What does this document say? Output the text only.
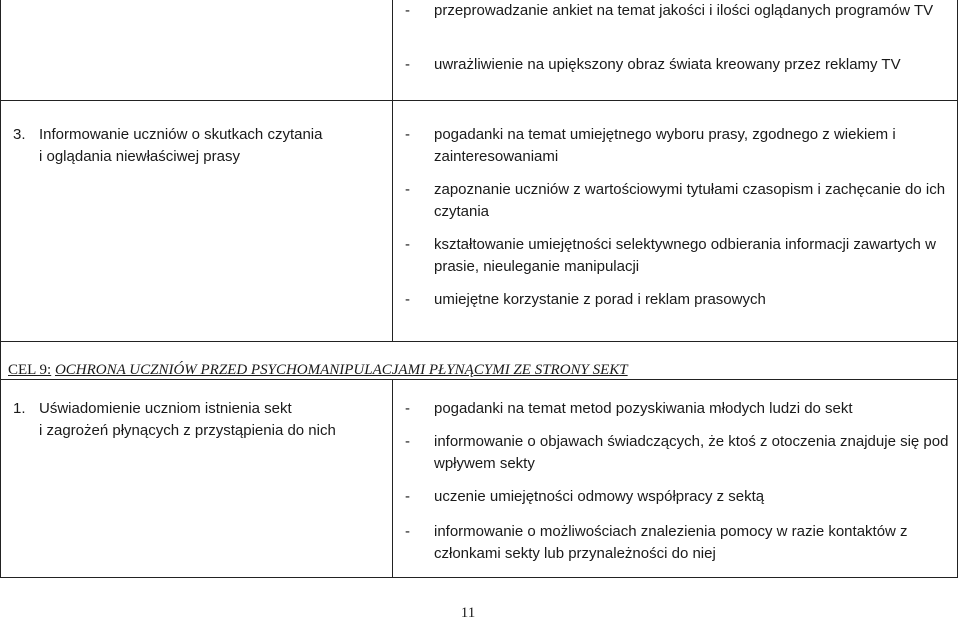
- przeprowadzanie ankiet na temat jakości i ilości oglądanych programów TV
- uwrażliwienie na upiększony obraz świata kreowany przez reklamy TV
3. Informowanie uczniów o skutkach czytania
i oglądania niewłaściwej prasy
- pogadanki na temat umiejętnego wyboru prasy, zgodnego z wiekiem i zainteresowaniami
- zapoznanie uczniów z wartościowymi tytułami czasopism i zachęcanie do ich czytania
- kształtowanie umiejętności selektywnego odbierania informacji zawartych w prasie, nieuleganie manipulacji
- umiejętne korzystanie z porad i reklam prasowych
CEL 9: OCHRONA UCZNIÓW PRZED PSYCHOMANIPULACJAMI PŁYNĄCYMI ZE STRONY SEKT
1. Uświadomienie uczniom istnienia sekt
i zagrożeń płynących z przystąpienia do nich
- pogadanki na temat metod pozyskiwania młodych ludzi do sekt
- informowanie o objawach świadczących, że ktoś z otoczenia znajduje się pod wpływem sekty
- uczenie umiejętności odmowy współpracy z sektą
- informowanie o możliwościach znalezienia pomocy w razie kontaktów z członkami sekty lub przynależności do niej
11
